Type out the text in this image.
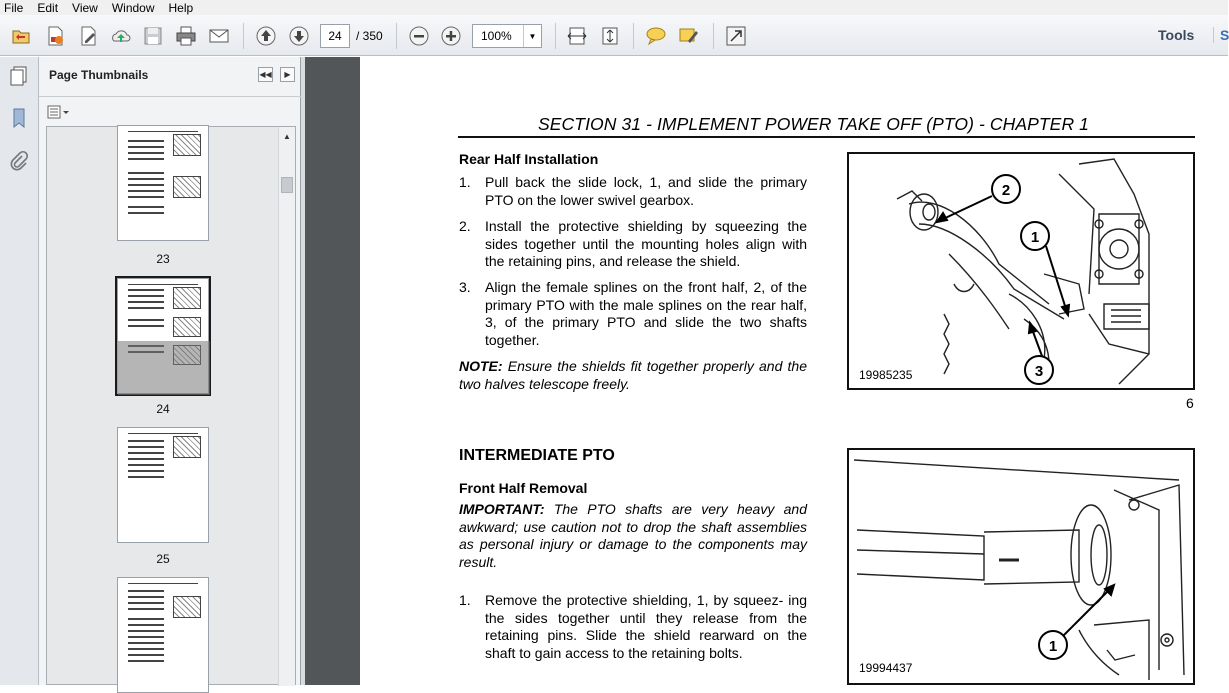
File	Edit	View	Window	Help
24	/ 350	100%	▼	Tools	S
Page Thumbnails	◀◀	▶
23
24
25
▲
SECTION 31 - IMPLEMENT POWER TAKE OFF (PTO) - CHAPTER 1
Rear Half Installation
1. Pull back the slide lock, 1, and slide the primary PTO on the lower swivel gearbox.
2. Install the protective shielding by squeezing the sides together until the mounting holes align with the retaining pins, and release the shield.
3. Align the female splines on the front half, 2, of the primary PTO with the male splines on the rear half, 3, of the primary PTO and slide the two shafts together.
NOTE: Ensure the shields fit together properly and the two halves telescope freely.
2
1
3
19985235
6
INTERMEDIATE PTO
Front Half Removal
IMPORTANT: The PTO shafts are very heavy and awkward; use caution not to drop the shaft assemblies as personal injury or damage to the components may result.
1. Remove the protective shielding, 1, by squeez- ing the sides together until they release from the retaining pins. Slide the shield rearward on the shaft to gain access to the retaining bolts.	1
19994437
